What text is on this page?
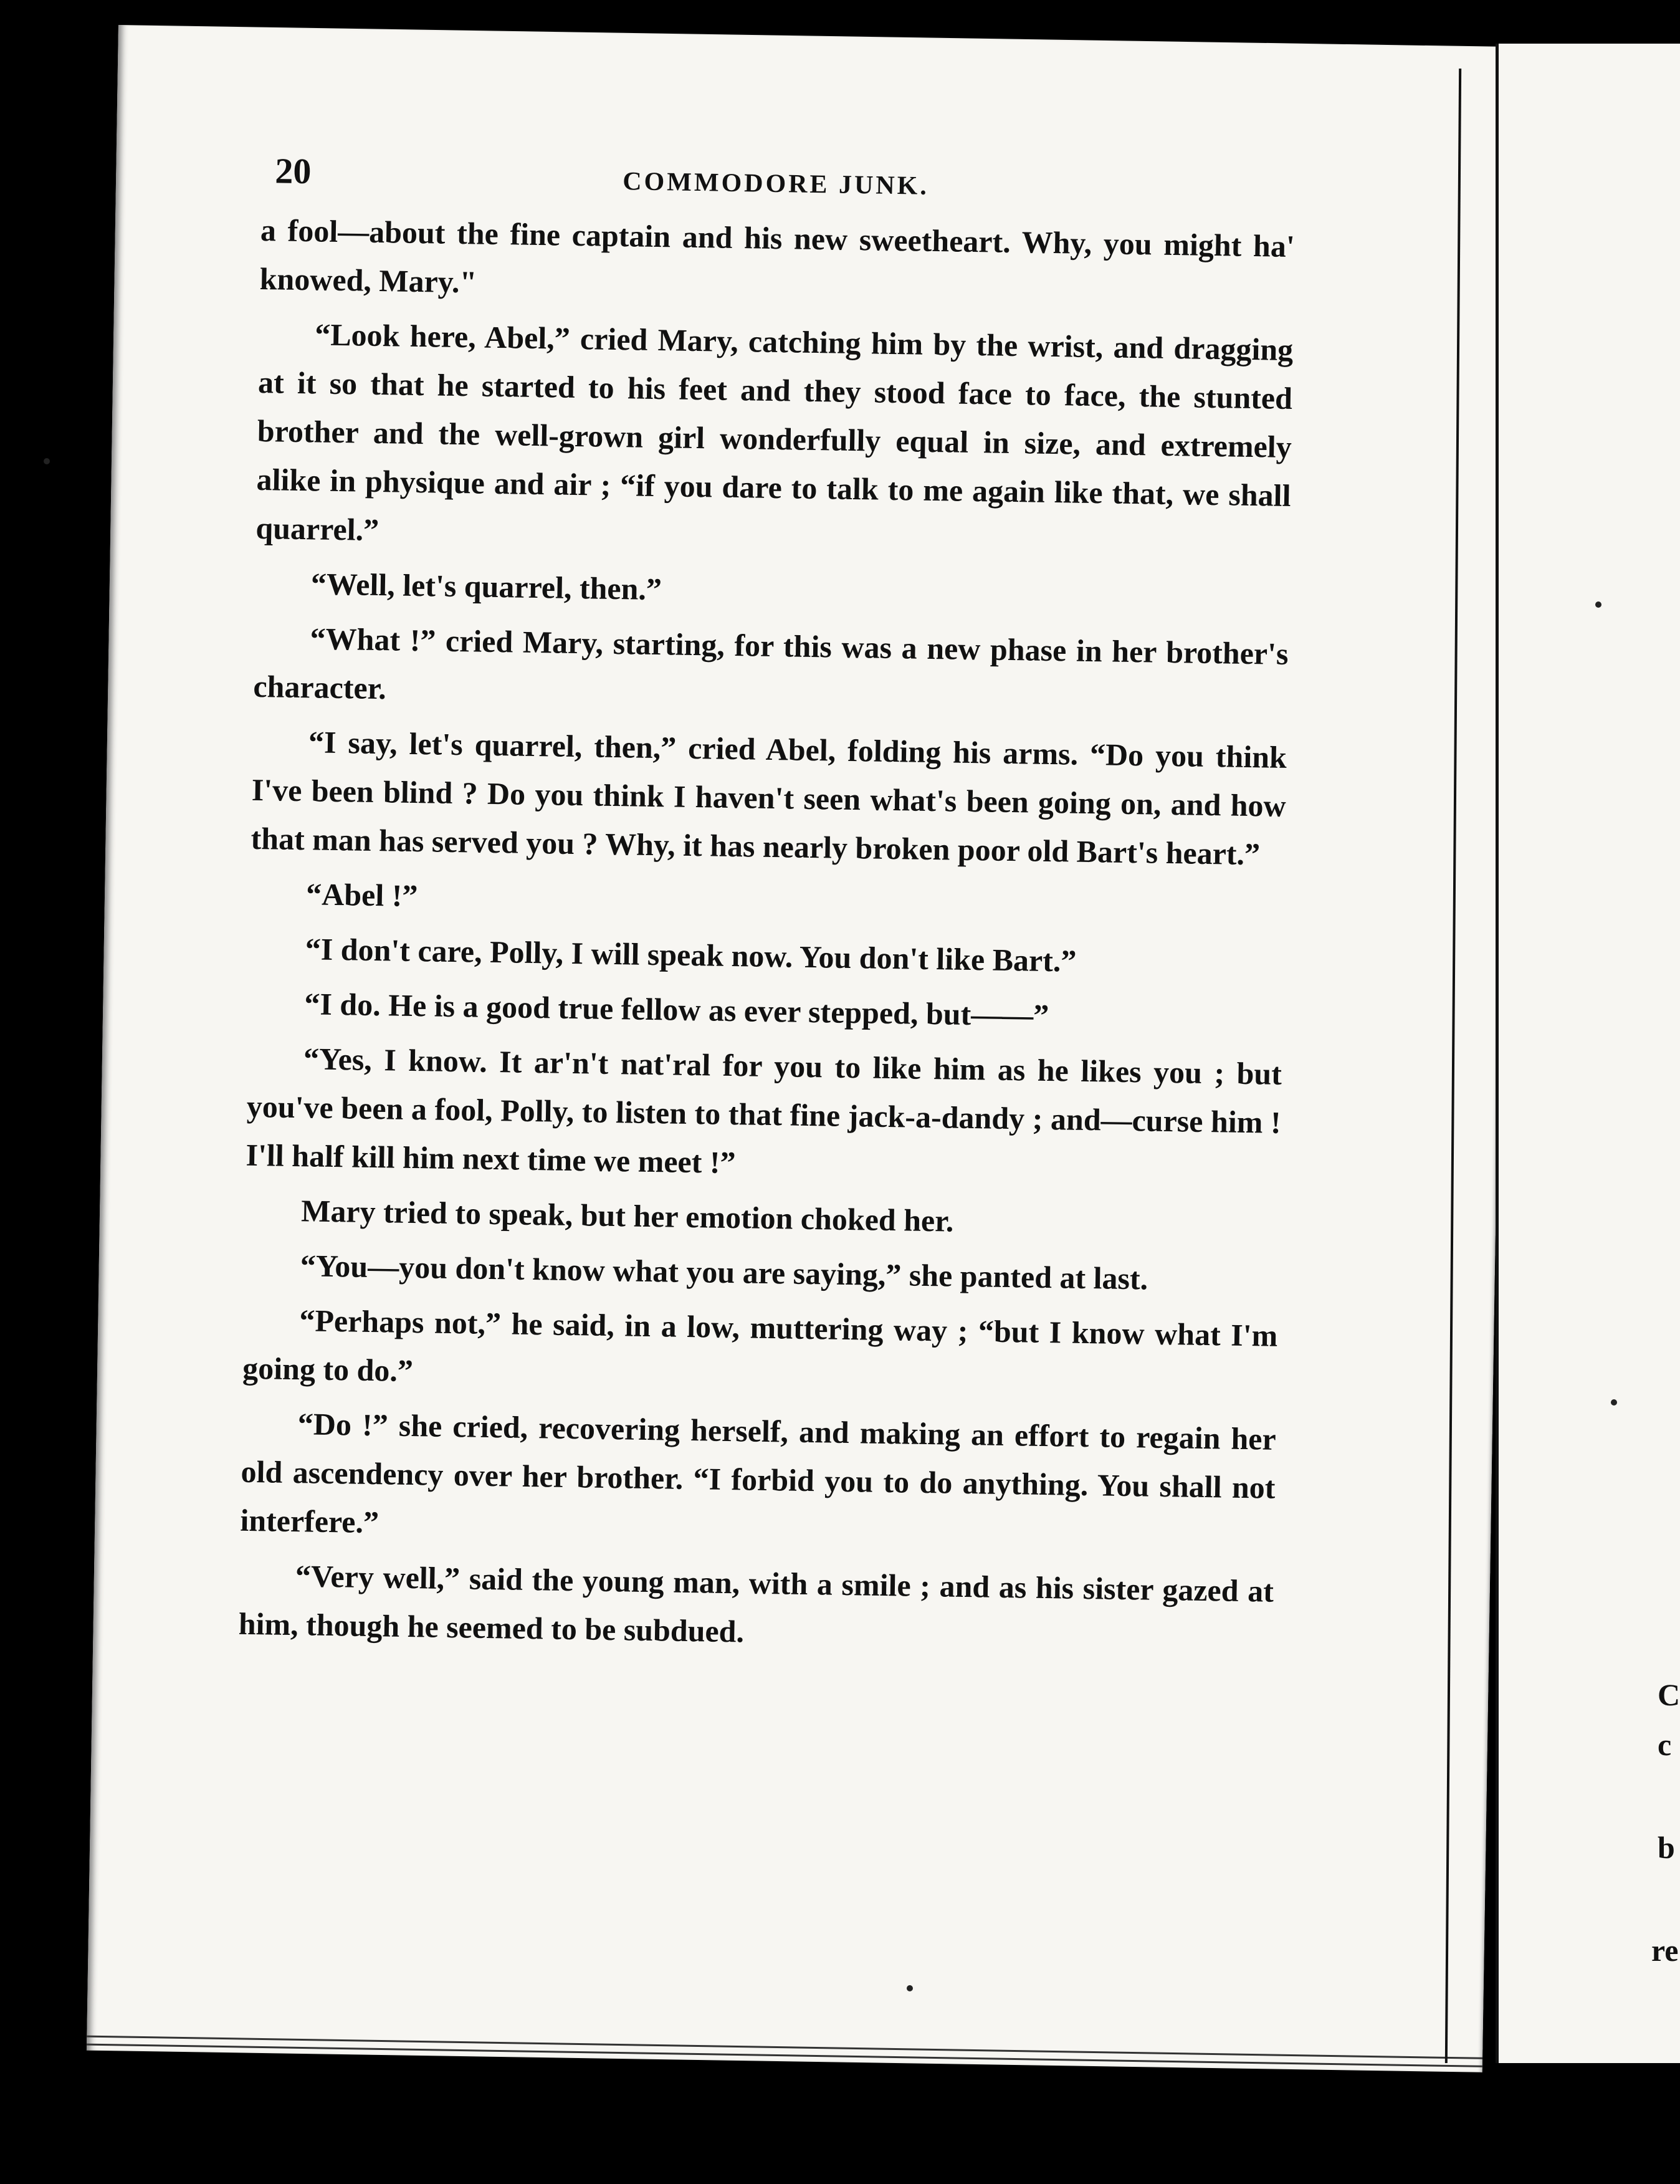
20	COMMODORE JUNK.

a fool—about the fine captain and his new sweetheart. Why, you might ha' knowed, Mary."

“Look here, Abel,” cried Mary, catching him by the wrist, and dragging at it so that he started to his feet and they stood face to face, the stunted brother and the well-grown girl wonderfully equal in size, and extremely alike in physique and air ; “if you dare to talk to me again like that, we shall quarrel.”

“Well, let's quarrel, then.”

“What !” cried Mary, starting, for this was a new phase in her brother's character.

“I say, let's quarrel, then,” cried Abel, folding his arms. “Do you think I've been blind ? Do you think I haven't seen what's been going on, and how that man has served you ? Why, it has nearly broken poor old Bart's heart.”

“Abel !”

“I don't care, Polly, I will speak now. You don't like Bart.”

“I do. He is a good true fellow as ever stepped, but——”

“Yes, I know. It ar'n't nat'ral for you to like him as he likes you ; but you've been a fool, Polly, to listen to that fine jack-a-dandy ; and—curse him ! I'll half kill him next time we meet !”

Mary tried to speak, but her emotion choked her.

“You—you don't know what you are saying,” she panted at last.

“Perhaps not,” he said, in a low, muttering way ; “but I know what I'm going to do.”

“Do !” she cried, recovering herself, and making an effort to regain her old ascendency over her brother. “I forbid you to do anything. You shall not interfere.”

“Very well,” said the young man, with a smile ; and as his sister gazed at him, though he seemed to be subdued.

C
c
b
re
